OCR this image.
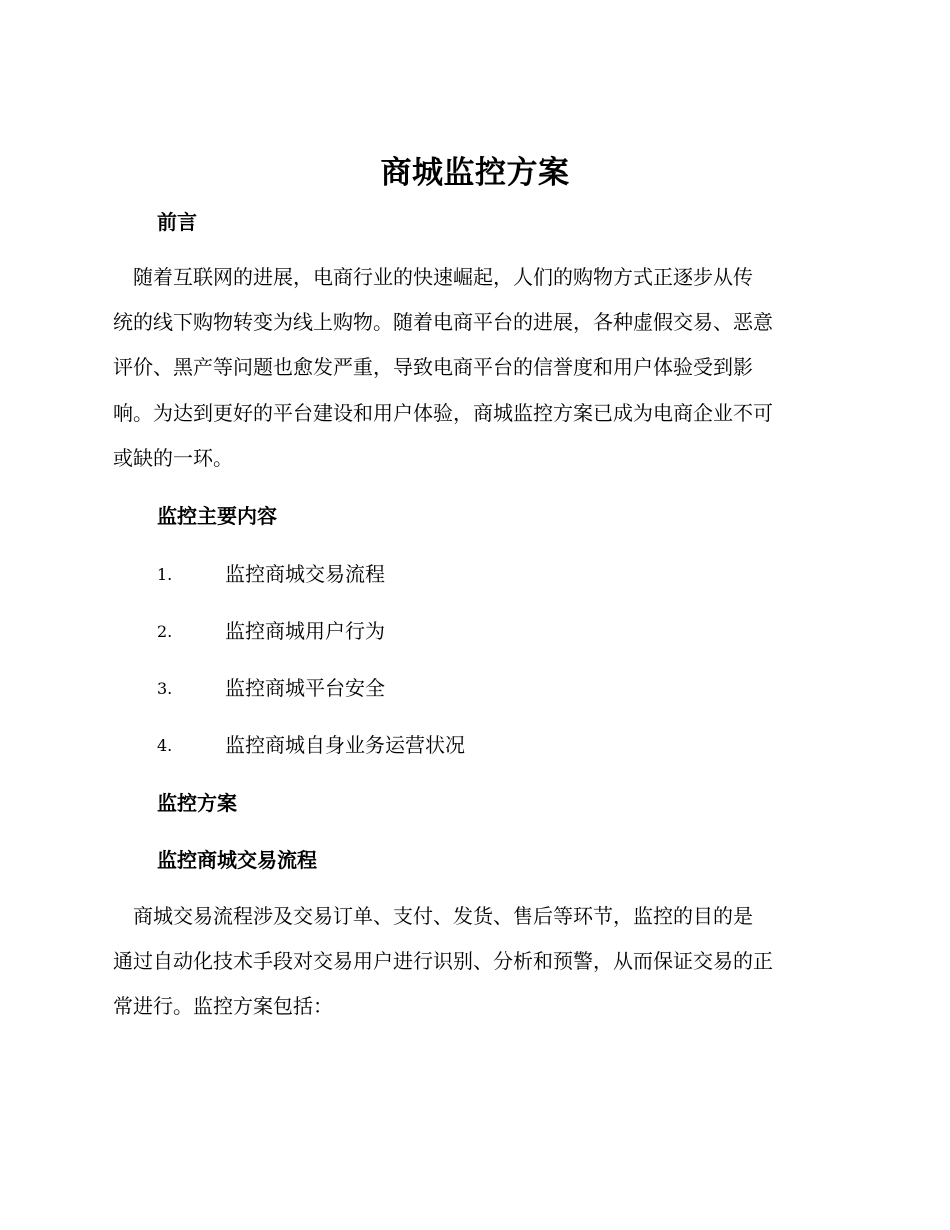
商城监控方案
前言
　随着互联网的进展，电商行业的快速崛起，人们的购物方式正逐步从传
统的线下购物转变为线上购物。随着电商平台的进展，各种虚假交易、恶意
评价、黑产等问题也愈发严重，导致电商平台的信誉度和用户体验受到影
响。为达到更好的平台建设和用户体验，商城监控方案已成为电商企业不可
或缺的一环。
监控主要内容
1.	监控商城交易流程
2.	监控商城用户行为
3.	监控商城平台安全
4.	监控商城自身业务运营状况
监控方案
监控商城交易流程
　商城交易流程涉及交易订单、支付、发货、售后等环节，监控的目的是
通过自动化技术手段对交易用户进行识别、分析和预警，从而保证交易的正
常进行。监控方案包括：
